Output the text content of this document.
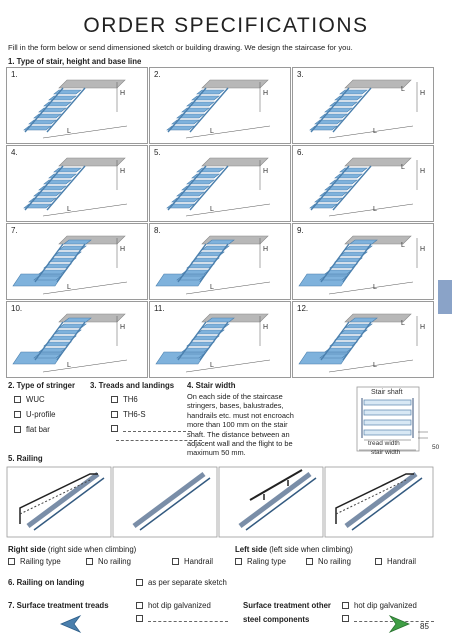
ORDER SPECIFICATIONS
Fill in the form below or send dimensioned sketch or building drawing. We design the staircase for you.
1. Type of stair, height and base line
1.
H
L
2.
H
L
3.
H
L
L
4.
H
L
5.
H
L
6.
H
L
L
7.
H
L
8.
H
L
9.
H
L
L
10.
H
L
11.
H
L
12.
H
L
L
2. Type of stringer
WUC
U-profile
flat bar
3. Treads and landings
TH6
TH6-S
4. Stair width
On each side of the staircase
stringers, bases, balustrades,
handrails etc. must not encroach
more than 100 mm on the stair
shaft. The distance between an
adjacent wall and the flight to be
maximum 50 mm.
Stair shaft
tread width
stair width
50
5. Railing
Right side (right side when climbing)
Railing type	No railing	Handrail
Left side (left side when climbing)
Raling type	No railing	Handrail
6. Railing on landing	as per separate sketch
7. Surface treatment treads	hot dip galvanized	Surface treatment other
steel components
hot dip galvanized
85
